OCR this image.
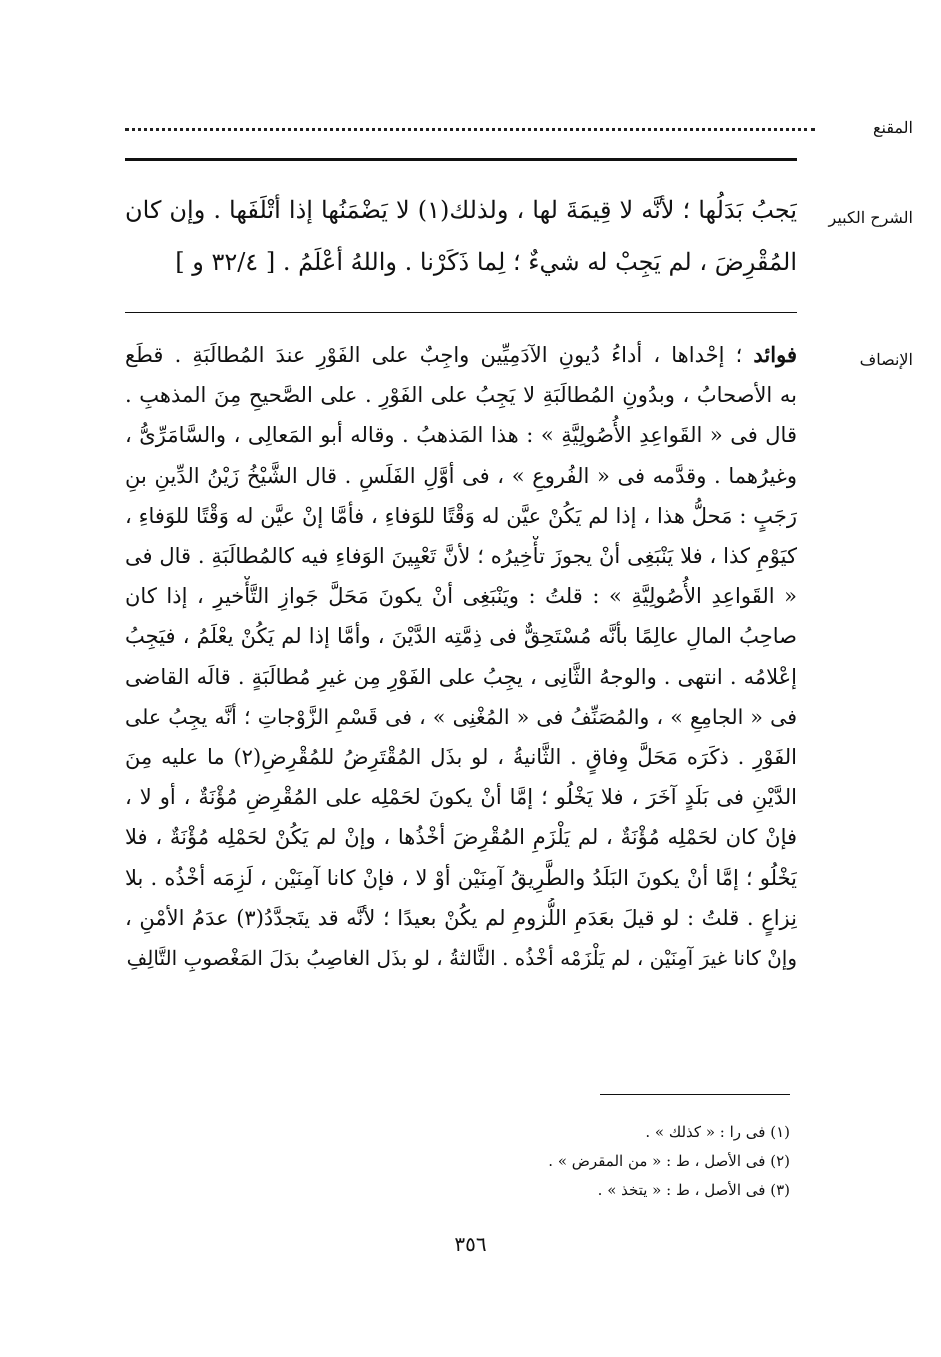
المقنع
الشرح الكبير
يَجبُ بَدَلُها ؛ لأنَّه لا قِيمَةَ لها ، ولذلك(١) لا يَضْمَنُها إذا أتْلَفَها . وإن كان
المُقْرِضَ ، لم يَجِبْ له شيءٌ ؛ لِما ذَكَرْنا . واللهُ أعْلَمُ . [ ٣٢/٤ و ]
الإنصاف
فوائد ؛ إحْداها ، أداءُ دُيونِ الآدَمِيِّين واجِبٌ على الفَوْرِ عندَ المُطالَبَةِ . قطَع
به الأصحابُ ، وبدُونِ المُطالَبَةِ لا يَجِبُ على الفَوْرِ . على الصَّحيحِ مِنَ المذهبِ .
قال فى « القَواعِدِ الأُصُولِيَّةِ » : هذا المَذهبُ . وقاله أبو المَعالِى ، والسَّامَرِّىُّ ،
وغيرُهما . وقدَّمه فى « الفُروعِ » ، فى أوَّلِ الفَلَسِ . قال الشَّيْخُ زَيْنُ الدِّينِ بنِ
رَجَبٍ : مَحلُّ هذا ، إذا لم يَكُنْ عيَّن له وَقْتًا للوَفاءِ ، فأمَّا إنْ عيَّن له وَقْتًا للوَفاءِ ،
كيَوْمِ كذا ، فلا يَنْبَغِى أنْ يجوزَ تأْخِيرُه ؛ لأنَّ تَعْيِينَ الوَفاءِ فيه كالمُطالَبَةِ . قال فى
« القَواعِدِ الأُصُولِيَّةِ » : قلتُ : ويَنْبَغِى أنْ يكونَ مَحَلَّ جَوازِ التَّأْخيرِ ، إذا كان
صاحِبُ المالِ عالِمًا بأنَّه مُسْتَحِقٌّ فى ذِمَّتِه الدَّيْنَ ، وأمَّا إذا لم يَكُنْ يعْلَمُ ، فيَجِبُ
إعْلامُه . انتهى . والوجهُ الثَّانِى ، يجِبُ على الفَوْرِ مِن غيرِ مُطالَبَةٍ . قالَه القاضى
فى « الجامِعِ » ، والمُصَنِّفُ فى « المُغْنِى » ، فى قَسْمِ الزَّوْجاتِ ؛ أنَّه يجِبُ على
الفَوْرِ . ذكَرَه مَحَلَّ وِفاقٍ . الثَّانيةُ ، لو بذَل المُقْتَرِضُ للمُقْرِضِ(٢) ما عليه مِنَ
الدَّيْنِ فى بَلَدٍ آخَرَ ، فلا يَخْلُو ؛ إمَّا أنْ يكونَ لحَمْلِه على المُقْرِضِ مُؤْنَةٌ ، أو لا ،
فإنْ كان لحَمْلِه مُؤْنَةٌ ، لم يَلْزَمِ المُقْرِضَ أخْذُها ، وإنْ لم يَكُنْ لحَمْلِه مُؤْنَةٌ ، فلا
يَخْلُو ؛ إمَّا أنْ يكونَ البَلَدُ والطَّرِيقُ آمِنَيْن أوْ لا ، فإنْ كانا آمِنَيْن ، لَزِمَه أخْذُه . بلا
نِزاعٍ . قلتُ : لو قيلَ بعَدَمِ اللُّزومِ لم يكُنْ بعيدًا ؛ لأنَّه قد يتَجدَّدُ(٣) عدَمُ الأمْنِ ،
وإنْ كانا غيرَ آمِنَيْن ، لم يَلْزَمْه أخْذُه . الثَّالثةُ ، لو بذَل الغاصِبُ بدَلَ المَغْصوبِ التَّالِفِ
(١) فى را : « كذلك » .
(٢) فى الأصل ، ط : « من المقرض » .
(٣) فى الأصل ، ط : « يتخذ » .
٣٥٦
